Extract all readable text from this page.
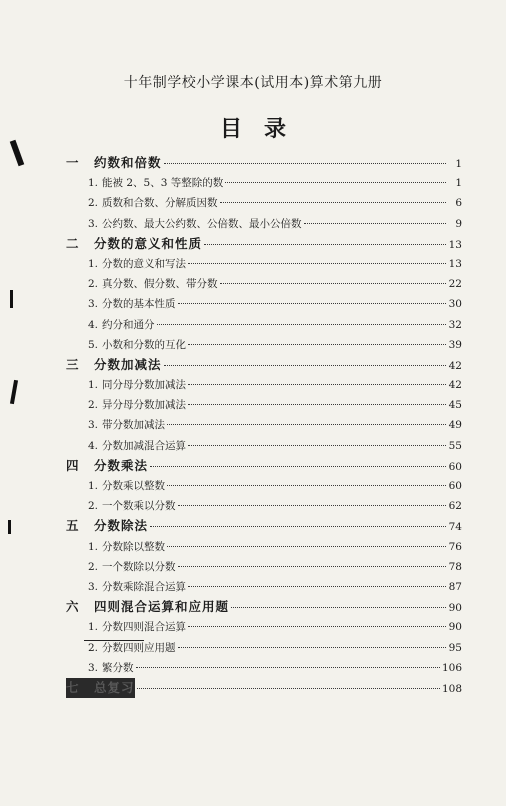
十年制学校小学课本(试用本)算术第九册
目　录
一	约数和倍数	1
1. 能被 2、5、3 等整除的数	1
2. 质数和合数、分解质因数	6
3. 公约数、最大公约数、公倍数、最小公倍数	9
二	分数的意义和性质	13
1. 分数的意义和写法	13
2. 真分数、假分数、带分数	22
3. 分数的基本性质	30
4. 约分和通分	32
5. 小数和分数的互化	39
三	分数加减法	42
1. 同分母分数加减法	42
2. 异分母分数加减法	45
3. 带分数加减法	49
4. 分数加减混合运算	55
四	分数乘法	60
1. 分数乘以整数	60
2. 一个数乘以分数	62
五	分数除法	74
1. 分数除以整数	76
2. 一个数除以分数	78
3. 分数乘除混合运算	87
六	四则混合运算和应用题	90
1. 分数四则混合运算	90
2. 分数四则应用题	95
3. 繁分数	106
七	总复习	108
